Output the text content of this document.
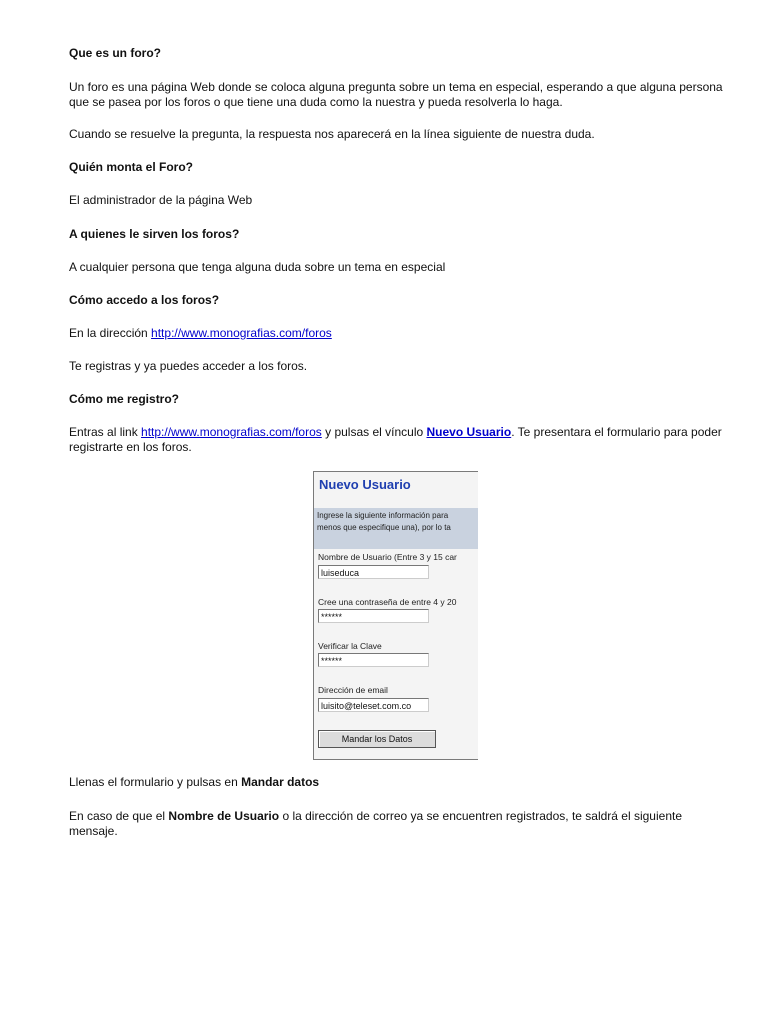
Que es un foro?

Un foro es una página Web donde se coloca alguna pregunta sobre un tema en especial, esperando a que alguna persona que se pasea por los foros o que tiene una duda como la nuestra y pueda resolverla lo haga.

Cuando se resuelve la pregunta, la respuesta nos aparecerá en la línea siguiente de nuestra duda.

Quién monta el Foro?

El administrador de la página Web

A quienes le sirven los foros?

A cualquier persona que tenga alguna duda sobre un tema en especial

Cómo accedo a los foros?

En la dirección http://www.monografias.com/foros

Te registras y ya puedes acceder a los foros.

Cómo me registro?

Entras al link http://www.monografias.com/foros y pulsas el vínculo Nuevo Usuario. Te presentara el formulario para poder registrarte en los foros.

Llenas el formulario y pulsas en Mandar datos

En caso de que el Nombre de Usuario o la dirección de correo ya se encuentren registrados, te saldrá el siguiente mensaje.

Nuevo Usuario
Ingrese la siguiente información para
menos que especifique una), por lo ta
Nombre de Usuario (Entre 3 y 15 car
luiseduca
Cree una contraseña de entre 4 y 20
******
Verificar la Clave
******
Dirección de email
luisito@teleset.com.co
Mandar los Datos
